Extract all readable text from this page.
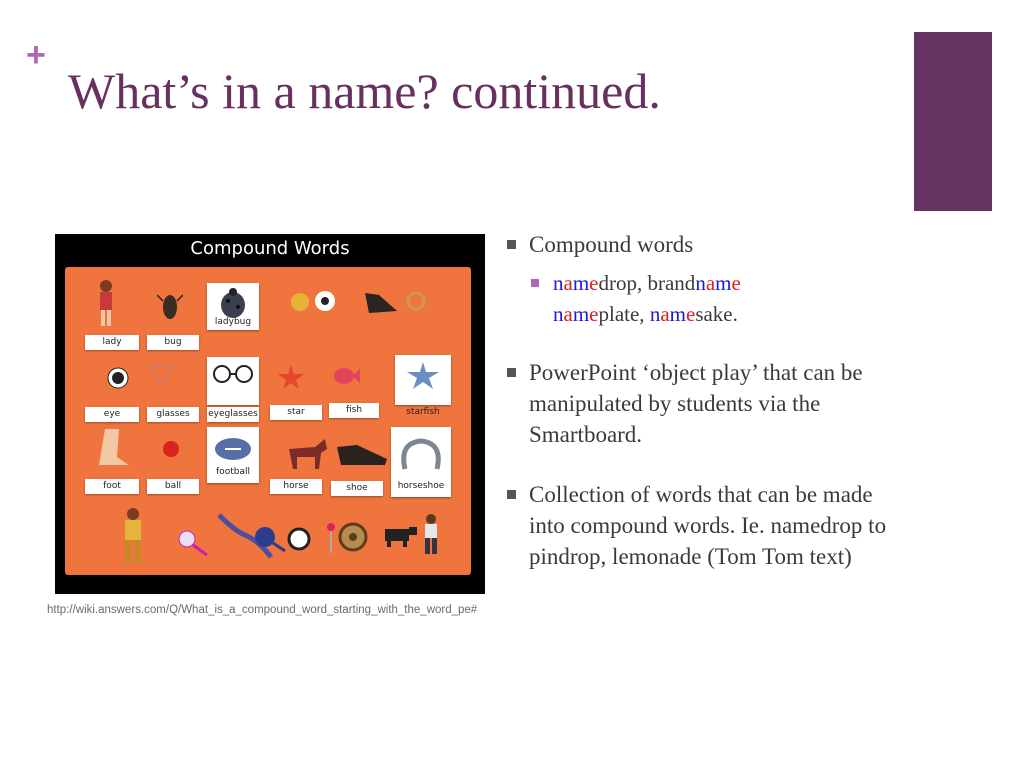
+
What’s in a name? continued.
Compound Words
lady	bug
ladybug
eye	glasses	eyeglasses	star	fish	starfish
foot	ball
football
horse	shoe	horseshoe
http://wiki.answers.com/Q/What_is_a_compound_word_starting_with_the_word_pe#
Compound words
namedrop, brandname
nameplate, namesake.
PowerPoint ‘object play’ that can be manipulated by students via the Smartboard.
Collection of words that can be made into compound words. Ie. namedrop to pindrop, lemonade (Tom Tom text)
